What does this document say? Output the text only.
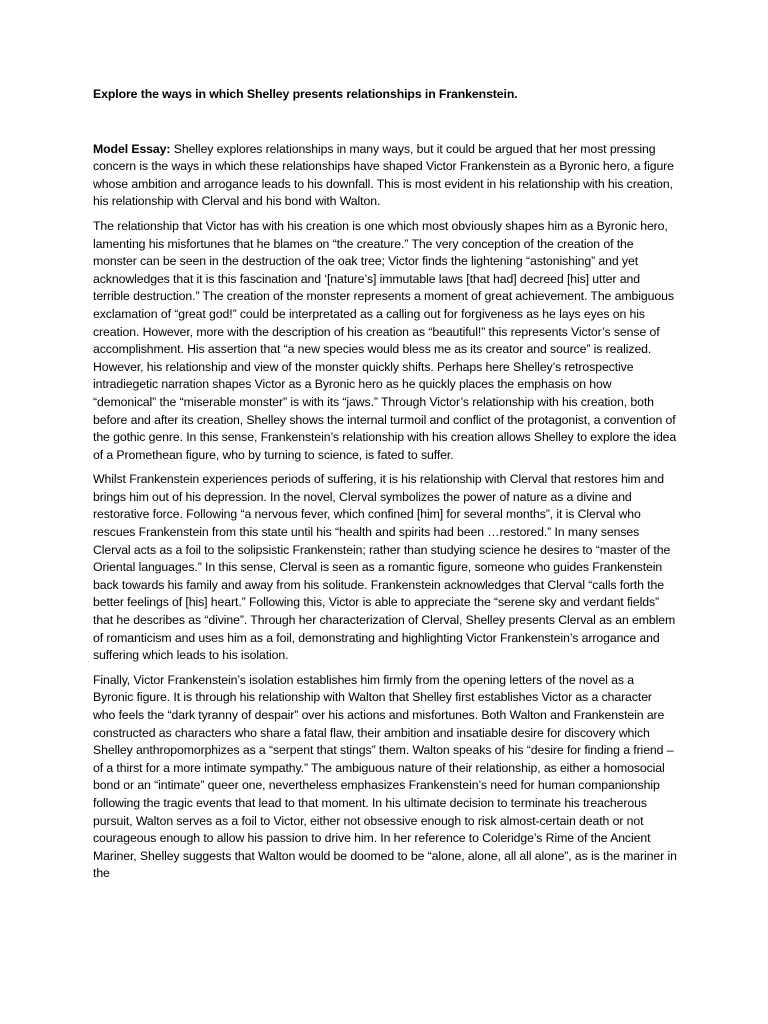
Explore the ways in which Shelley presents relationships in Frankenstein.

Model Essay: Shelley explores relationships in many ways, but it could be argued that her most pressing concern is the ways in which these relationships have shaped Victor Frankenstein as a Byronic hero, a figure whose ambition and arrogance leads to his downfall. This is most evident in his relationship with his creation, his relationship with Clerval and his bond with Walton.

The relationship that Victor has with his creation is one which most obviously shapes him as a Byronic hero, lamenting his misfortunes that he blames on “the creature.” The very conception of the creation of the monster can be seen in the destruction of the oak tree; Victor finds the lightening “astonishing” and yet acknowledges that it is this fascination and ‘[nature’s] immutable laws [that had] decreed [his] utter and terrible destruction.” The creation of the monster represents a moment of great achievement. The ambiguous exclamation of “great god!” could be interpretated as a calling out for forgiveness as he lays eyes on his creation. However, more with the description of his creation as “beautiful!” this represents Victor’s sense of accomplishment. His assertion that “a new species would bless me as its creator and source” is realized. However, his relationship and view of the monster quickly shifts. Perhaps here Shelley’s retrospective intradiegetic narration shapes Victor as a Byronic hero as he quickly places the emphasis on how “demonical” the “miserable monster” is with its “jaws.” Through Victor’s relationship with his creation, both before and after its creation, Shelley shows the internal turmoil and conflict of the protagonist, a convention of the gothic genre. In this sense, Frankenstein’s relationship with his creation allows Shelley to explore the idea of a Promethean figure, who by turning to science, is fated to suffer.

Whilst Frankenstein experiences periods of suffering, it is his relationship with Clerval that restores him and brings him out of his depression. In the novel, Clerval symbolizes the power of nature as a divine and restorative force. Following “a nervous fever, which confined [him] for several months”, it is Clerval who rescues Frankenstein from this state until his “health and spirits had been …restored.” In many senses Clerval acts as a foil to the solipsistic Frankenstein; rather than studying science he desires to “master of the Oriental languages.” In this sense, Clerval is seen as a romantic figure, someone who guides Frankenstein back towards his family and away from his solitude. Frankenstein acknowledges that Clerval “calls forth the better feelings of [his] heart.” Following this, Victor is able to appreciate the “serene sky and verdant fields” that he describes as “divine”. Through her characterization of Clerval, Shelley presents Clerval as an emblem of romanticism and uses him as a foil, demonstrating and highlighting Victor Frankenstein’s arrogance and suffering which leads to his isolation.

Finally, Victor Frankenstein’s isolation establishes him firmly from the opening letters of the novel as a Byronic figure. It is through his relationship with Walton that Shelley first establishes Victor as a character who feels the “dark tyranny of despair” over his actions and misfortunes. Both Walton and Frankenstein are constructed as characters who share a fatal flaw, their ambition and insatiable desire for discovery which Shelley anthropomorphizes as a “serpent that stings” them. Walton speaks of his “desire for finding a friend – of a thirst for a more intimate sympathy.” The ambiguous nature of their relationship, as either a homosocial bond or an “intimate” queer one, nevertheless emphasizes Frankenstein’s need for human companionship following the tragic events that lead to that moment. In his ultimate decision to terminate his treacherous pursuit, Walton serves as a foil to Victor, either not obsessive enough to risk almost-certain death or not courageous enough to allow his passion to drive him. In her reference to Coleridge’s Rime of the Ancient Mariner, Shelley suggests that Walton would be doomed to be “alone, alone, all all alone”, as is the mariner in the
